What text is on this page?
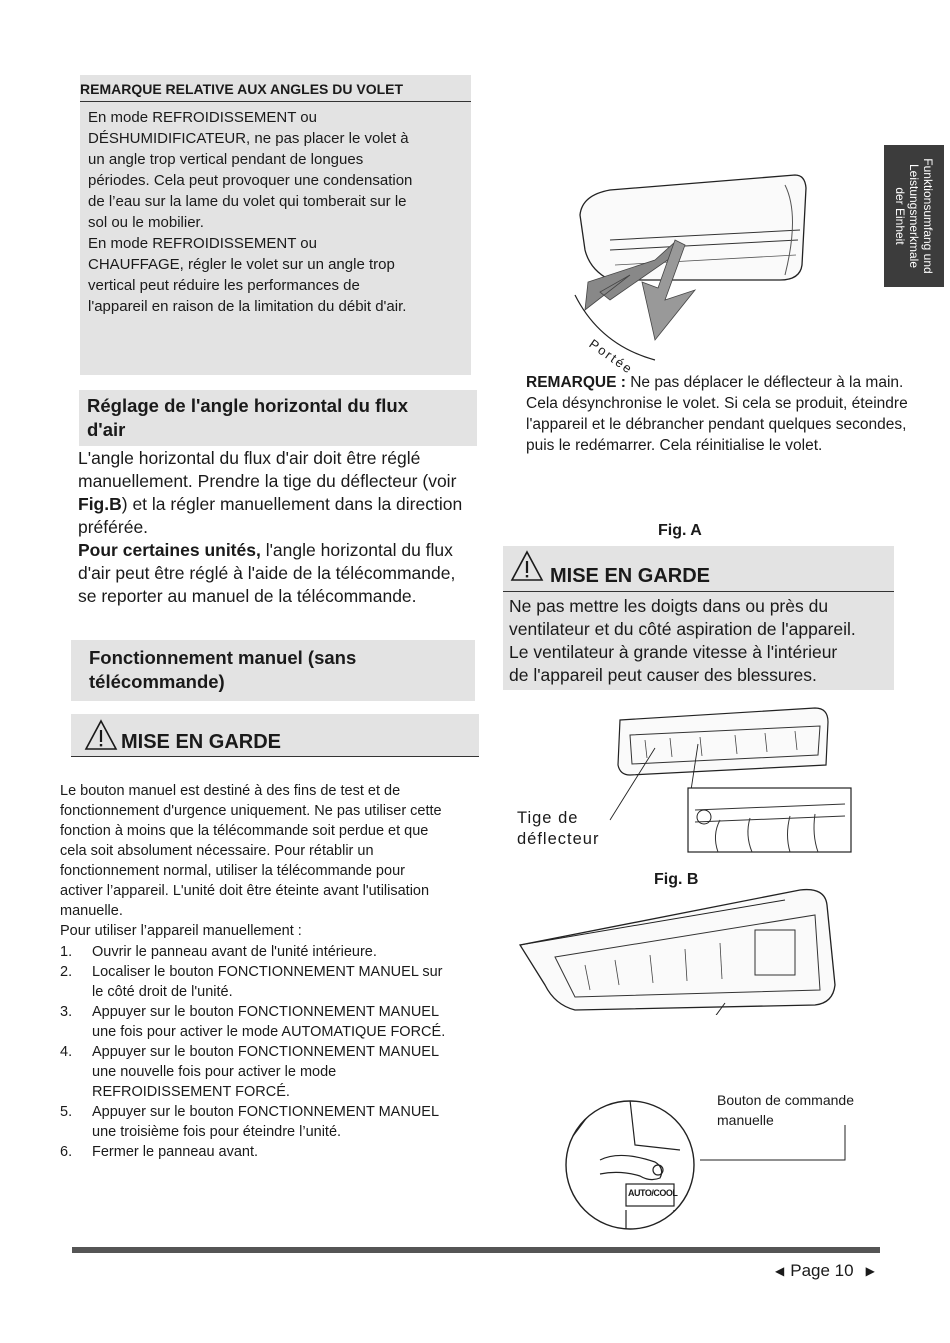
Funktionsumfang und
Leistungsmerkmale
der Einheit
REMARQUE RELATIVE AUX ANGLES DU VOLET
En mode REFROIDISSEMENT ou
DÉSHUMIDIFICATEUR, ne pas placer le volet à
un angle trop vertical pendant de longues
périodes. Cela peut provoquer une condensation
de l’eau sur la lame du volet qui tomberait sur le
sol ou le mobilier.
En mode REFROIDISSEMENT ou
CHAUFFAGE, régler le volet sur un angle trop
vertical peut réduire les performances de
l'appareil en raison de la limitation du débit d'air.
Réglage de l'angle horizontal du flux
d'air
L'angle horizontal du flux d'air doit être réglé manuellement. Prendre la tige du déflecteur (voir Fig.B) et la régler manuellement dans la direction préférée.
Pour certaines unités, l'angle horizontal du flux d'air peut être réglé à l'aide de la télécommande, se reporter au manuel de la télécommande.
Fonctionnement manuel (sans
télécommande)
MISE EN GARDE
Le bouton manuel est destiné à des fins de test et de
fonctionnement d'urgence uniquement. Ne pas utiliser cette
fonction à moins que la télécommande soit perdue et que
cela soit absolument nécessaire. Pour rétablir un
fonctionnement normal, utiliser la télécommande pour
activer l’appareil. L'unité doit être éteinte avant l'utilisation
manuelle.
Pour utiliser l’appareil manuellement :
1. Ouvrir le panneau avant de l'unité intérieure.
2. Localiser le bouton FONCTIONNEMENT MANUEL sur
le côté droit de l'unité.
3. Appuyer sur le bouton FONCTIONNEMENT MANUEL
une fois pour activer le mode AUTOMATIQUE FORCÉ.
4. Appuyer sur le bouton FONCTIONNEMENT MANUEL
une nouvelle fois pour activer le mode
REFROIDISSEMENT FORCÉ.
5. Appuyer sur le bouton FONCTIONNEMENT MANUEL
une troisième fois pour éteindre l’unité.
6. Fermer le panneau avant.
Portée
REMARQUE : Ne pas déplacer le déflecteur à la main. Cela désynchronise le volet. Si cela se produit, éteindre l'appareil et le débrancher pendant quelques secondes, puis le redémarrer. Cela réinitialise le volet.
Fig. A
MISE EN GARDE
Ne pas mettre les doigts dans ou près du
ventilateur et du côté aspiration de l'appareil.
Le ventilateur à grande vitesse à l'intérieur
de l'appareil peut causer des blessures.
Tige de
déflecteur
Fig. B
AUTO/COOL
Bouton de commande
manuelle
◀ Page 10 ▶
